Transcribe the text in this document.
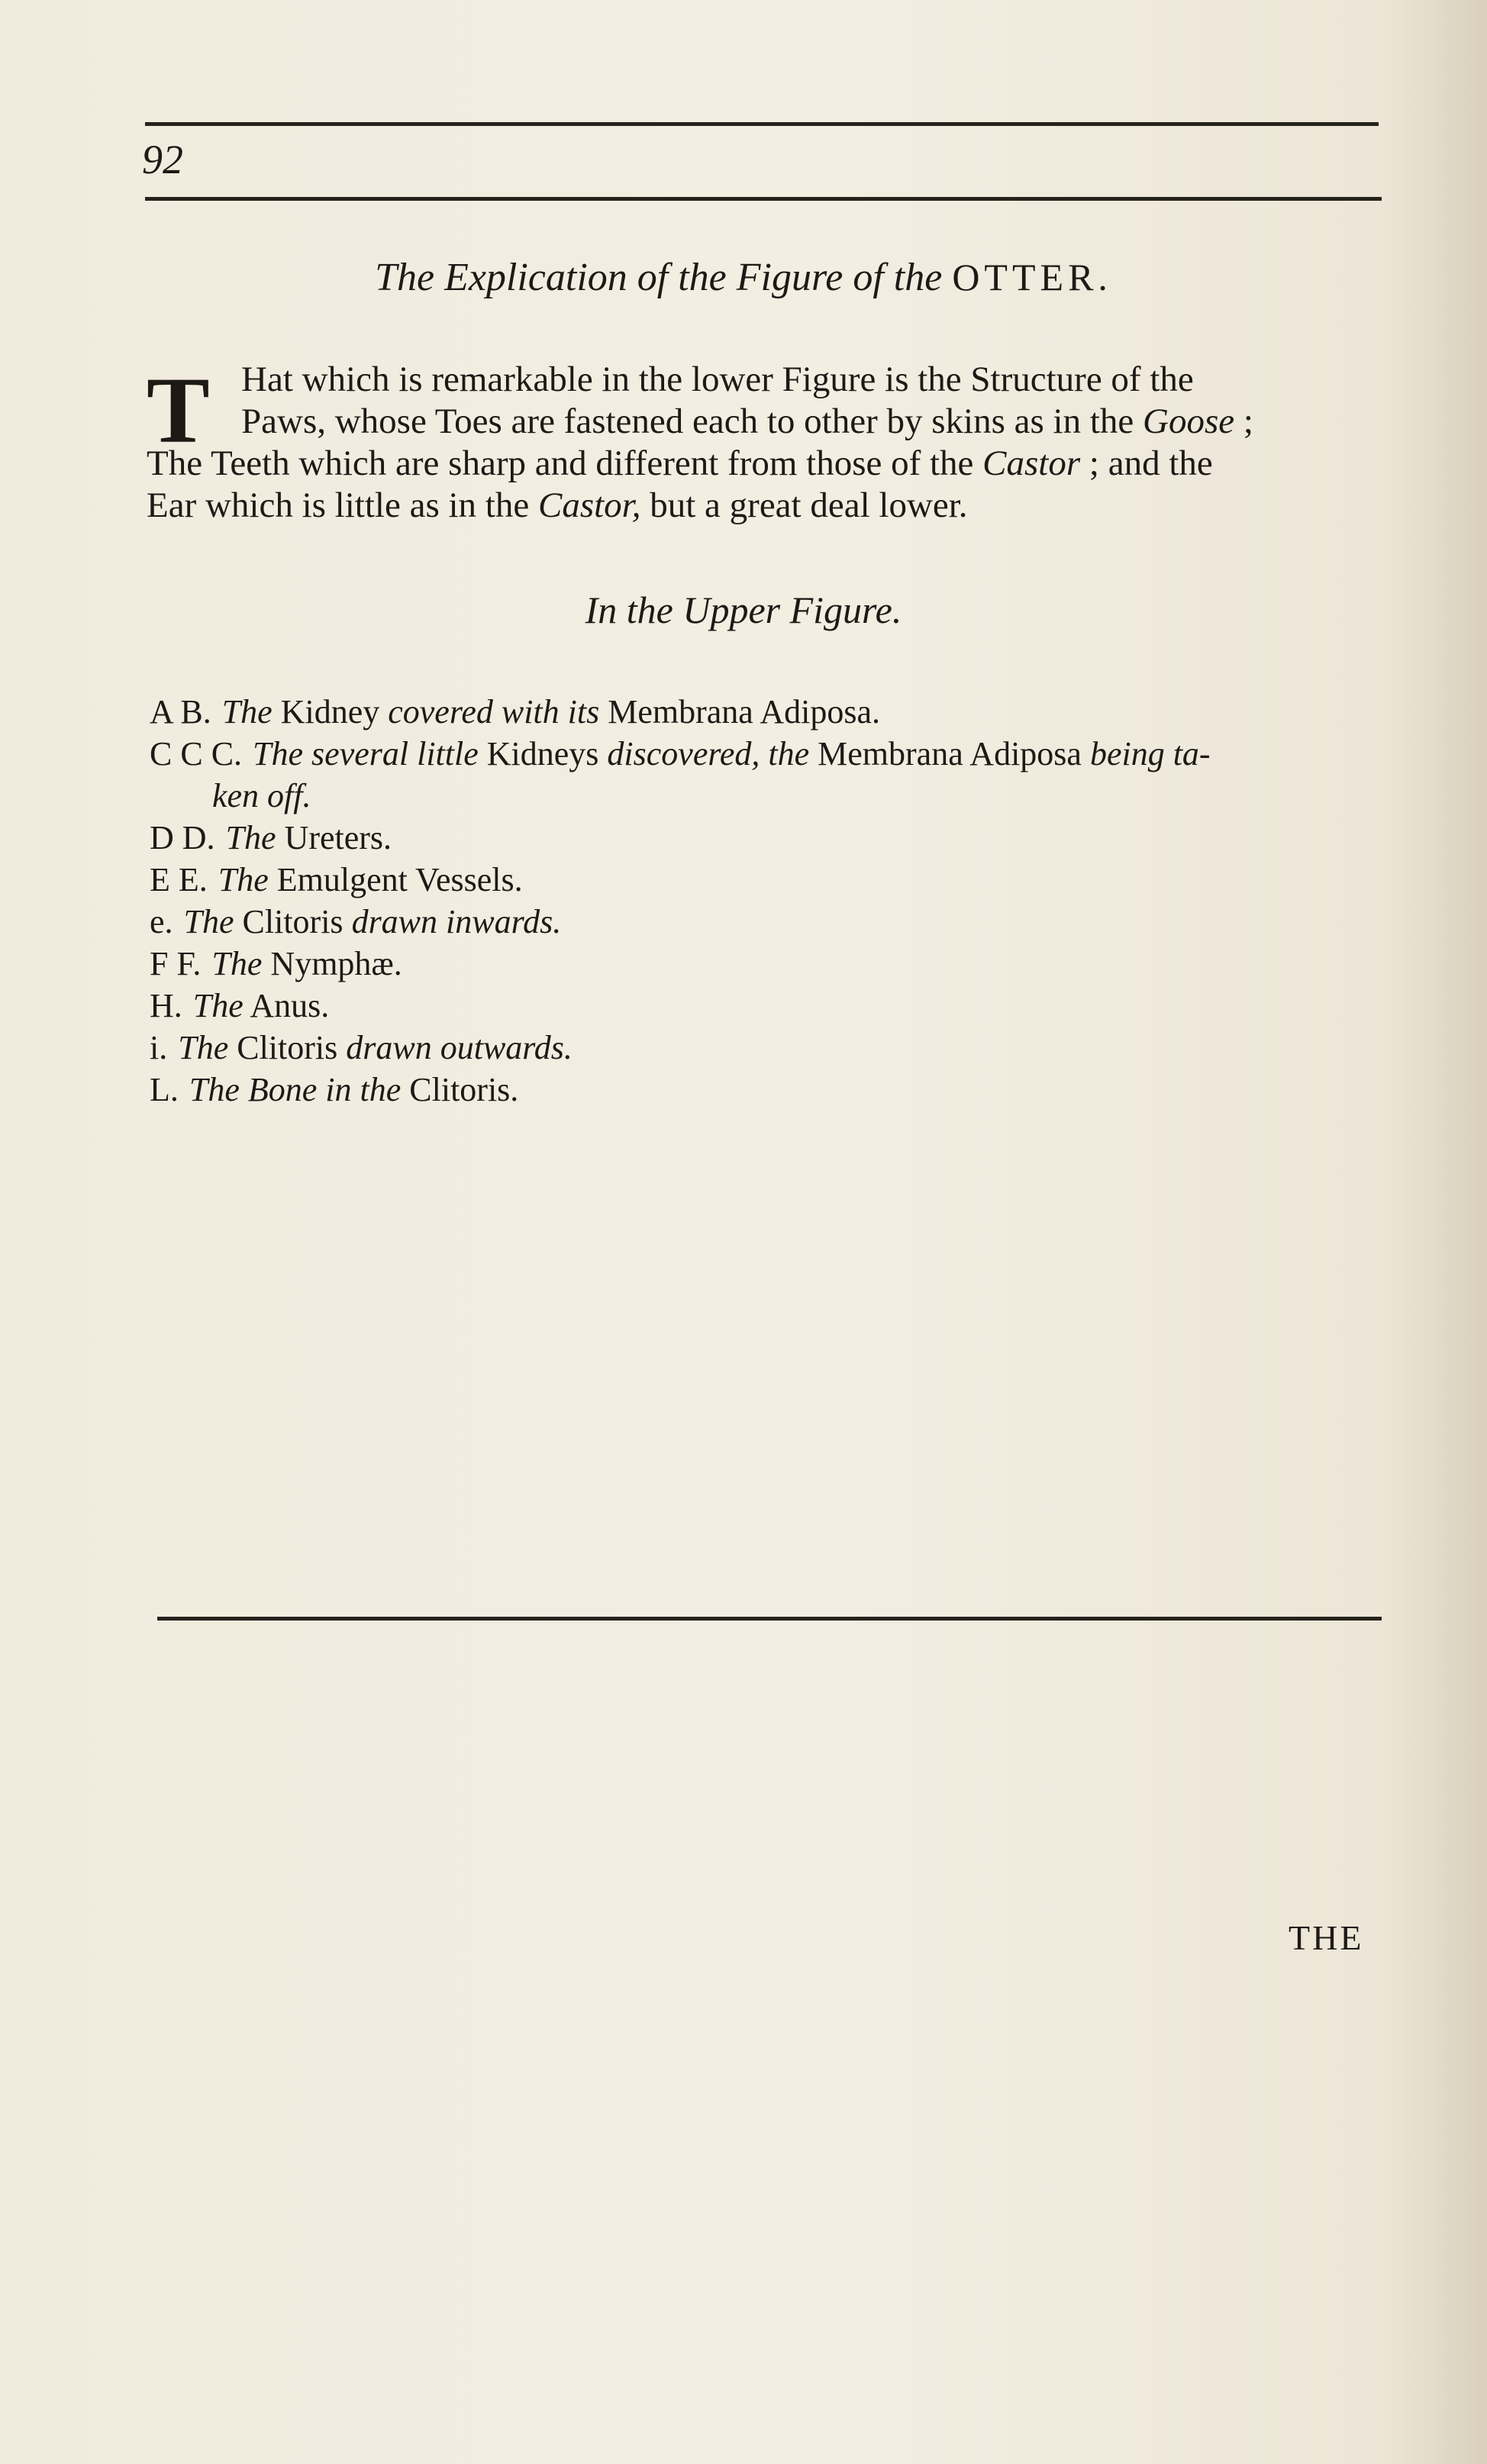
92
The Explication of the Figure of the OTTER.
T Hat which is remarkable in the lower Figure is the Structure of the
Paws, whose Toes are fastened each to other by skins as in the Goose ;
The Teeth which are sharp and different from those of the Castor ; and the
Ear which is little as in the Castor, but a great deal lower.
In the Upper Figure.
A B. The Kidney covered with its Membrana Adiposa.
C C C. The several little Kidneys discovered, the Membrana Adiposa being ta-
ken off.
D D. The Ureters.
E E. The Emulgent Vessels.
e. The Clitoris drawn inwards.
F F. The Nymphæ.
H. The Anus.
i. The Clitoris drawn outwards.
L. The Bone in the Clitoris.
THE
